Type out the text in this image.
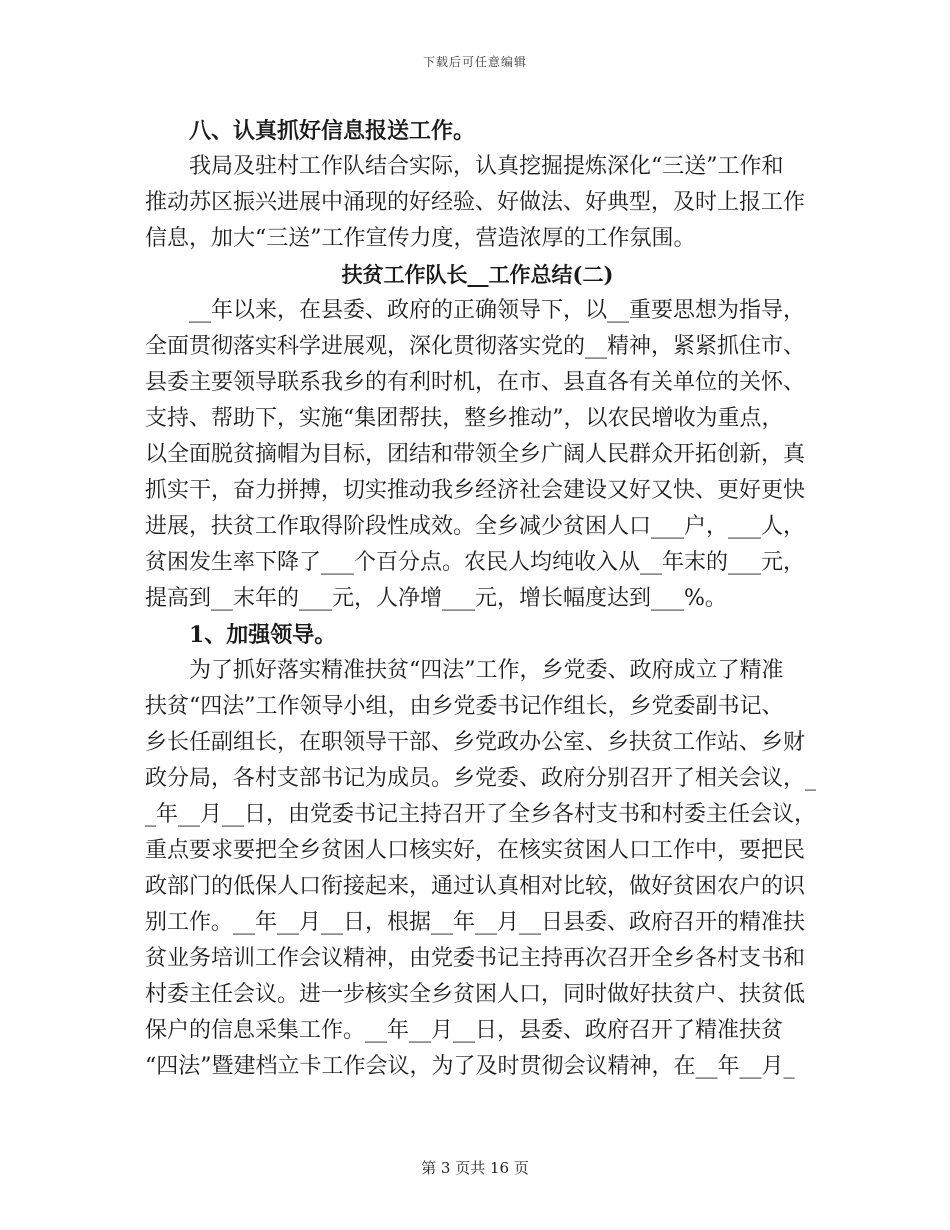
下载后可任意编辑
八、认真抓好信息报送工作。
我局及驻村工作队结合实际，认真挖掘提炼深化“三送”工作和
推动苏区振兴进展中涌现的好经验、好做法、好典型，及时上报工作
信息，加大“三送”工作宣传力度，营造浓厚的工作氛围。
扶贫工作队长__工作总结(二)
__年以来，在县委、政府的正确领导下，以__重要思想为指导，
全面贯彻落实科学进展观，深化贯彻落实党的__精神，紧紧抓住市、
县委主要领导联系我乡的有利时机，在市、县直各有关单位的关怀、
支持、帮助下，实施“集团帮扶，整乡推动”，以农民增收为重点，
以全面脱贫摘帽为目标，团结和带领全乡广阔人民群众开拓创新，真
抓实干，奋力拼搏，切实推动我乡经济社会建设又好又快、更好更快
进展，扶贫工作取得阶段性成效。全乡减少贫困人口___户，___人，
贫困发生率下降了___个百分点。农民人均纯收入从__年末的___元，
提高到__末年的___元，人净增___元，增长幅度达到___%。
1、加强领导。
为了抓好落实精准扶贫“四法”工作，乡党委、政府成立了精准
扶贫“四法”工作领导小组，由乡党委书记作组长，乡党委副书记、
乡长任副组长，在职领导干部、乡党政办公室、乡扶贫工作站、乡财
政分局，各村支部书记为成员。乡党委、政府分别召开了相关会议，_
_年__月__日，由党委书记主持召开了全乡各村支书和村委主任会议，
重点要求要把全乡贫困人口核实好，在核实贫困人口工作中，要把民
政部门的低保人口衔接起来，通过认真相对比较，做好贫困农户的识
别工作。__年__月__日，根据__年__月__日县委、政府召开的精准扶
贫业务培训工作会议精神，由党委书记主持再次召开全乡各村支书和
村委主任会议。进一步核实全乡贫困人口，同时做好扶贫户、扶贫低
保户的信息采集工作。__年__月__日，县委、政府召开了精准扶贫
“四法”暨建档立卡工作会议，为了及时贯彻会议精神，在__年__月_
第 3 页共 16 页
